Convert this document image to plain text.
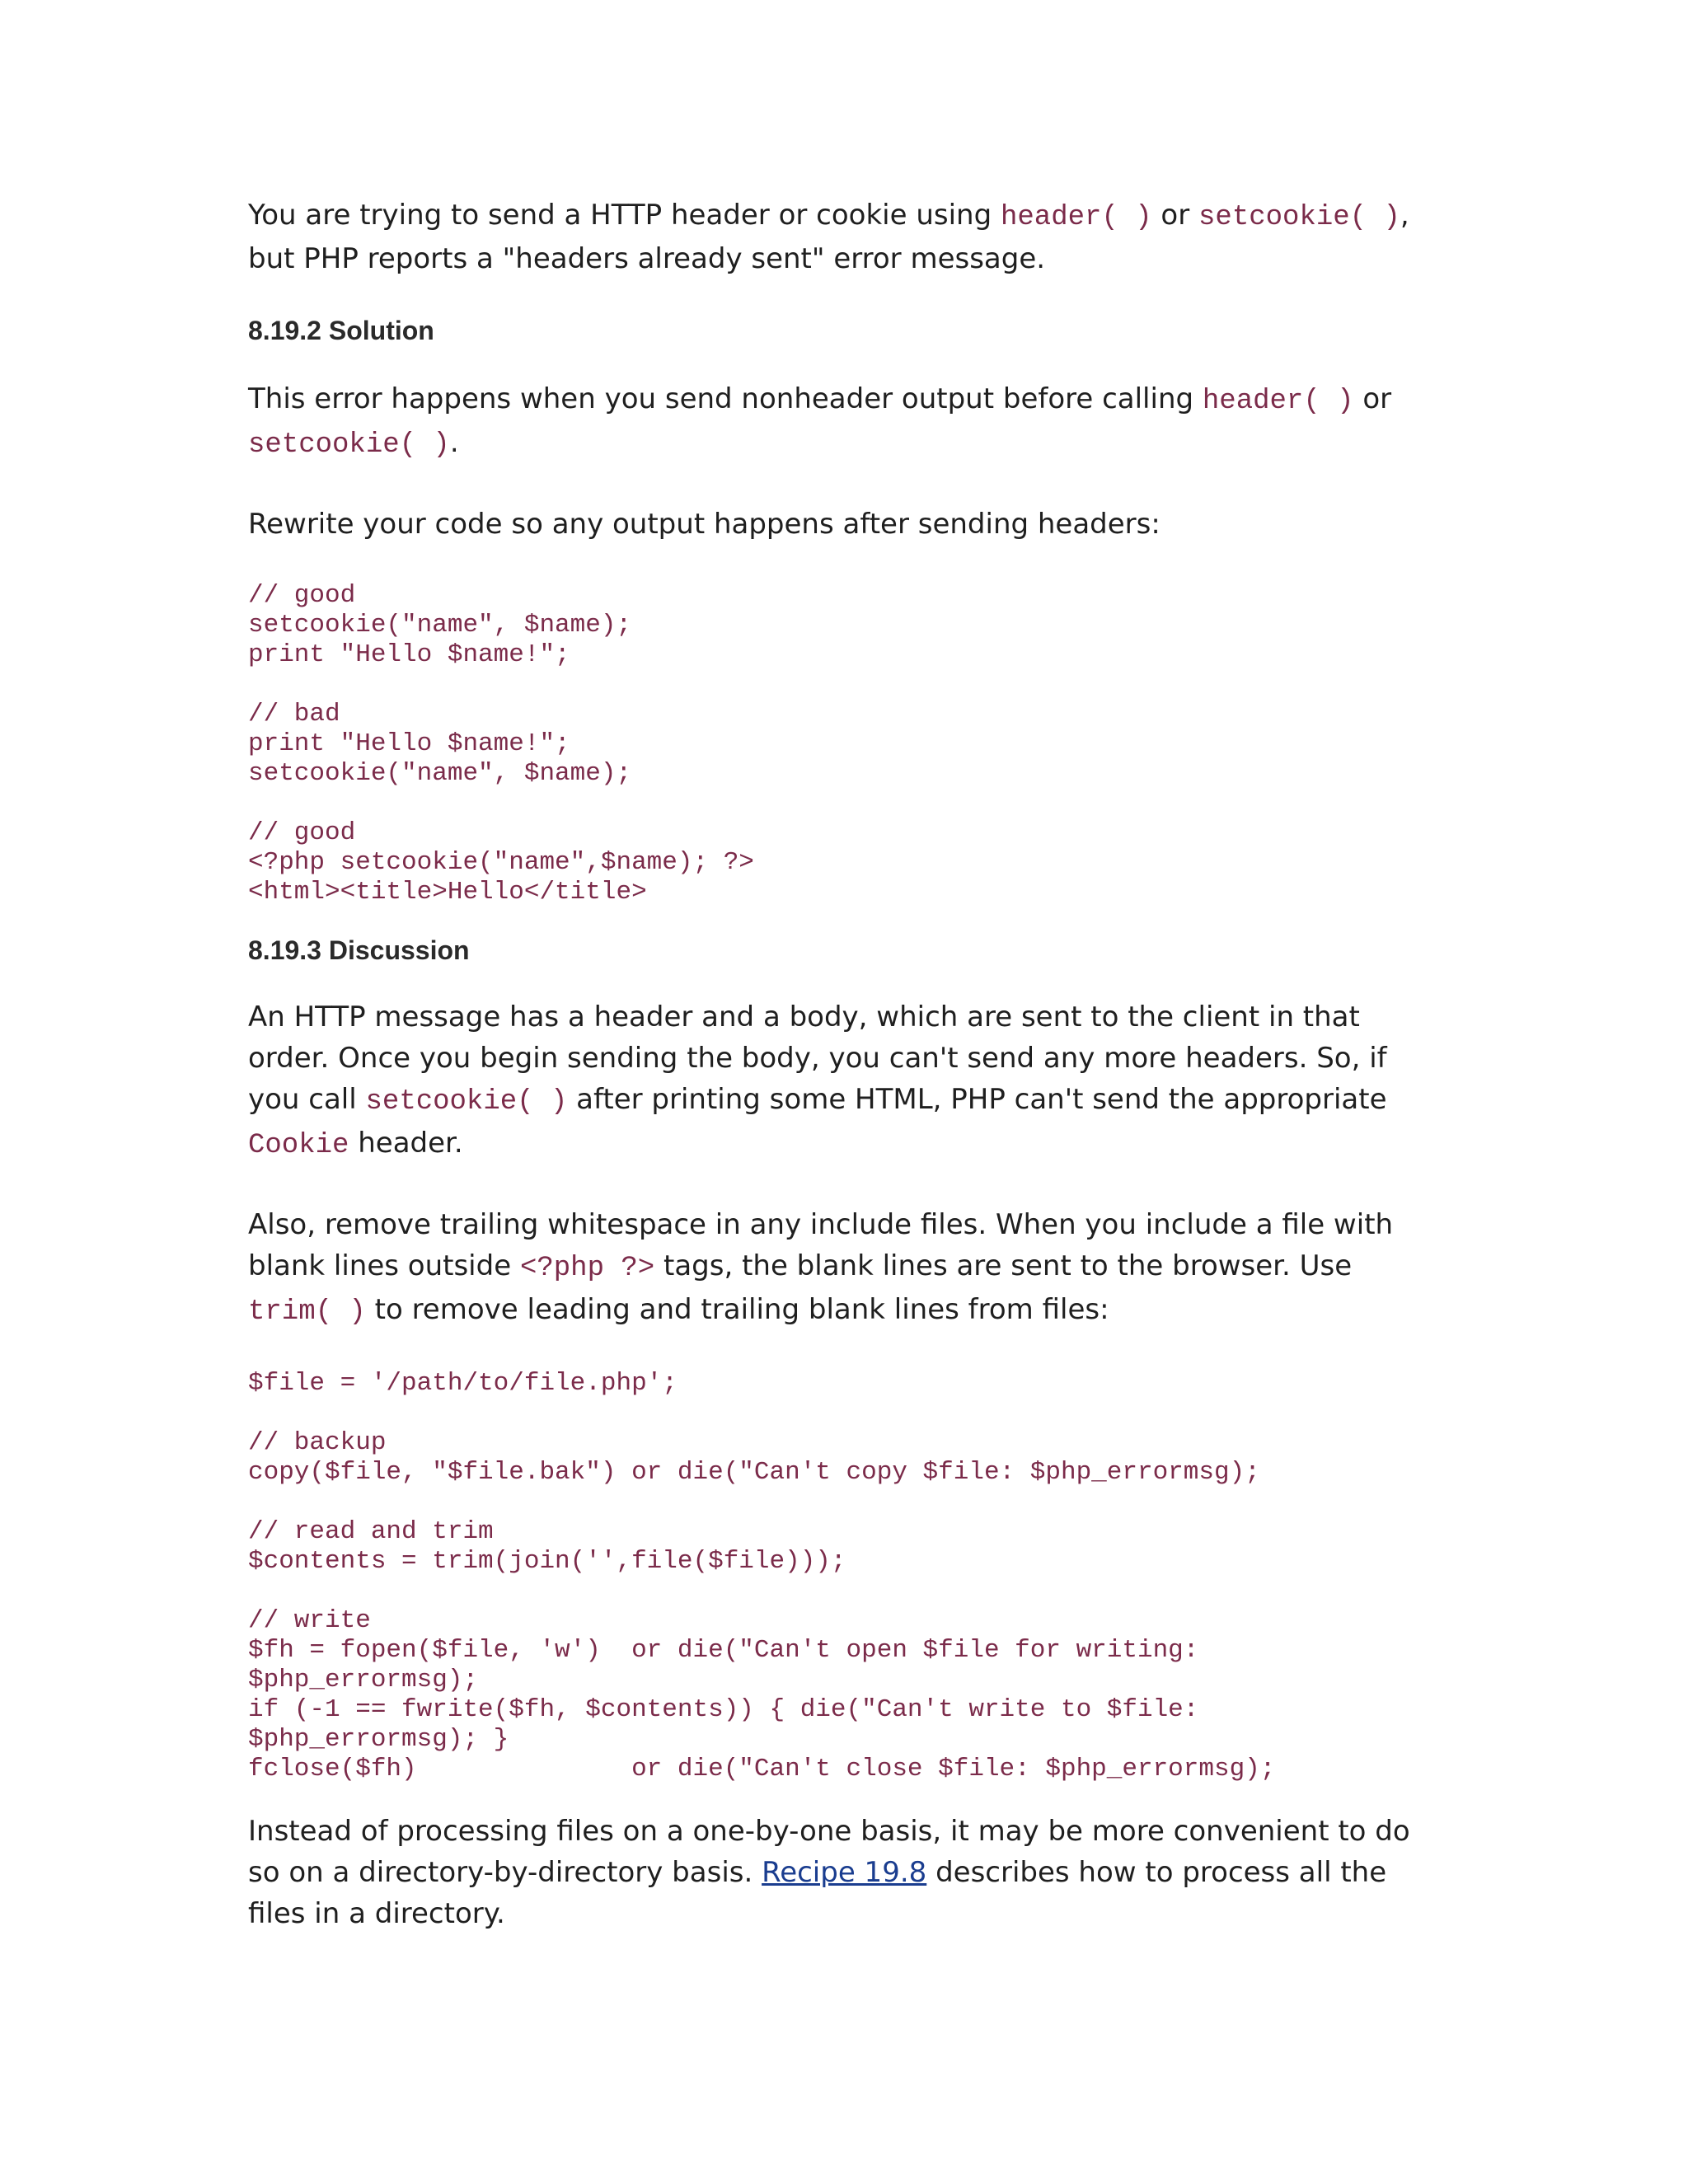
You are trying to send a HTTP header or cookie using header( ) or setcookie( ), but PHP reports a "headers already sent" error message.

8.19.2 Solution

This error happens when you send nonheader output before calling header( ) or setcookie( ).

Rewrite your code so any output happens after sending headers:

// good
setcookie("name", $name);
print "Hello $name!";

// bad
print "Hello $name!";
setcookie("name", $name);

// good
<?php setcookie("name",$name); ?>
<html><title>Hello</title>
8.19.3 Discussion

An HTTP message has a header and a body, which are sent to the client in that order. Once you begin sending the body, you can't send any more headers. So, if you call setcookie( ) after printing some HTML, PHP can't send the appropriate Cookie header.

Also, remove trailing whitespace in any include files. When you include a file with blank lines outside <?php ?> tags, the blank lines are sent to the browser. Use trim( ) to remove leading and trailing blank lines from files:

$file = '/path/to/file.php';

// backup
copy($file, "$file.bak") or die("Can't copy $file: $php_errormsg);

// read and trim
$contents = trim(join('',file($file)));

// write
$fh = fopen($file, 'w')  or die("Can't open $file for writing:
$php_errormsg);
if (-1 == fwrite($fh, $contents)) { die("Can't write to $file:
$php_errormsg); }
fclose($fh)              or die("Can't close $file: $php_errormsg);

Instead of processing files on a one-by-one basis, it may be more convenient to do so on a directory-by-directory basis. Recipe 19.8 describes how to process all the files in a directory.
